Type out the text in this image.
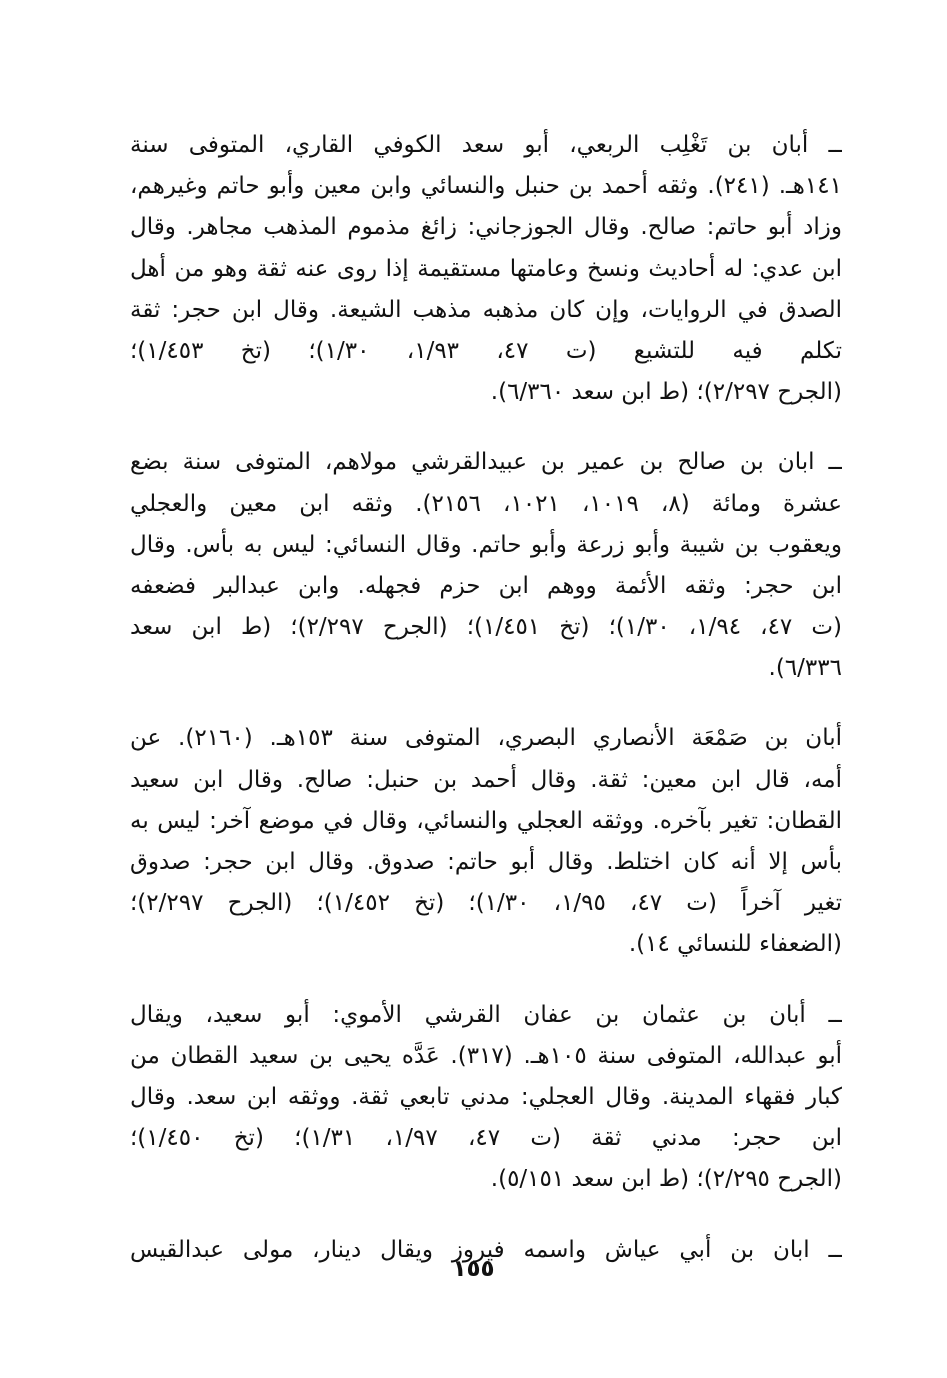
ــ أبان بن تَغْلِب الربعي، أبو سعد الكوفي القاري، المتوفى سنة
١٤١هـ. (٢٤١). وثقه أحمد بن حنبل والنسائي وابن معين وأبو حاتم وغيرهم،
وزاد أبو حاتم: صالح. وقال الجوزجاني: زائغ مذموم المذهب مجاهر. وقال
ابن عدي: له أحاديث ونسخ وعامتها مستقيمة إذا روى عنه ثقة وهو من أهل
الصدق في الروايات، وإن كان مذهبه مذهب الشيعة. وقال ابن حجر: ثقة
تكلم فيه للتشيع (ت ٤٧، ١/٩٣، ١/٣٠)؛ (تخ ١/٤٥٣)؛
(الجرح ٢/٢٩٧)؛ (ط ابن سعد ٦/٣٦٠).
ــ ابان بن صالح بن عمير بن عبيدالقرشي مولاهم، المتوفى سنة بضع
عشرة ومائة (٨، ١٠١٩، ١٠٢١، ٢١٥٦). وثقه ابن معين والعجلي
ويعقوب بن شيبة وأبو زرعة وأبو حاتم. وقال النسائي: ليس به بأس. وقال
ابن حجر: وثقه الأئمة ووهم ابن حزم فجهله. وابن عبدالبر فضعفه
(ت ٤٧، ١/٩٤، ١/٣٠)؛ (تخ ١/٤٥١)؛ (الجرح ٢/٢٩٧)؛ (ط ابن سعد
٦/٣٣٦).
أبان بن صَمْعَة الأنصاري البصري، المتوفى سنة ١٥٣هـ. (٢١٦٠). عن
أمه، قال ابن معين: ثقة. وقال أحمد بن حنبل: صالح. وقال ابن سعيد
القطان: تغير بآخره. ووثقه العجلي والنسائي، وقال في موضع آخر: ليس به
بأس إلا أنه كان اختلط. وقال أبو حاتم: صدوق. وقال ابن حجر: صدوق
تغير آخراً (ت ٤٧، ١/٩٥، ١/٣٠)؛ (تخ ١/٤٥٢)؛ (الجرح ٢/٢٩٧)؛
(الضعفاء للنسائي ١٤).
ــ أبان بن عثمان بن عفان القرشي الأموي: أبو سعيد، ويقال
أبو عبدالله، المتوفى سنة ١٠٥هـ. (٣١٧). عَدَّه يحيى بن سعيد القطان من
كبار فقهاء المدينة. وقال العجلي: مدني تابعي ثقة. ووثقه ابن سعد. وقال
ابن حجر: مدني ثقة (ت ٤٧، ١/٩٧، ١/٣١)؛ (تخ ١/٤٥٠)؛
(الجرح ٢/٢٩٥)؛ (ط ابن سعد ٥/١٥١).
ــ ابان بن أبي عياش واسمه فيروز ويقال دينار، مولى عبدالقيس
١٥٥
